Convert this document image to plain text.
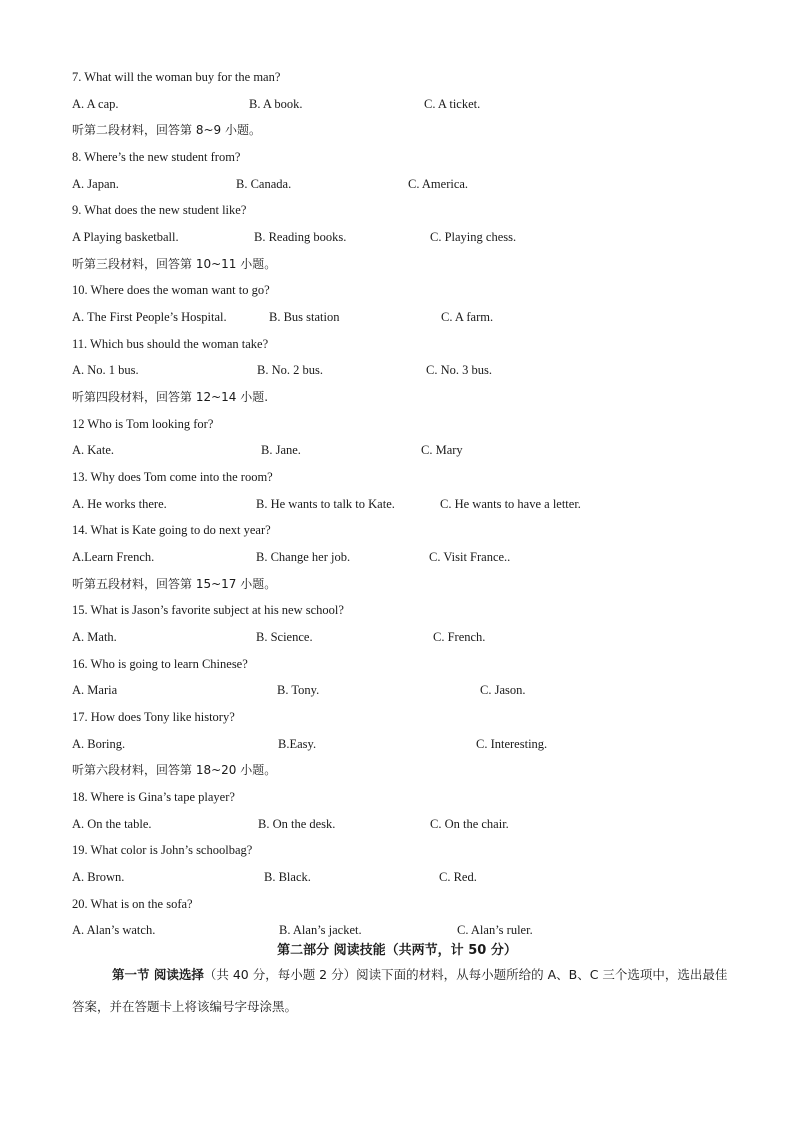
7. What will the woman buy for the man?
A. A cap.	B. A book.	C. A ticket.
听第二段材料，回答第 8~9 小题。
8. Where’s the new student from?
A. Japan.	B. Canada.	C. America.
9. What does the new student like?
A Playing basketball.	B. Reading books.	C. Playing chess.
听第三段材料，回答第 10~11 小题。
10. Where does the woman want to go?
A. The First People’s Hospital.	B. Bus station	C. A farm.
11. Which bus should the woman take?
A. No. 1 bus.	B. No. 2 bus.	C. No. 3 bus.
听第四段材料，回答第 12~14 小题.
12 Who is Tom looking for?
A. Kate.	B. Jane.	C. Mary
13. Why does Tom come into the room?
A. He works there.	B. He wants to talk to Kate.	C. He wants to have a letter.
14. What is Kate going to do next year?
A.Learn French.	B. Change her job.	C. Visit France..
听第五段材料，回答第 15~17 小题。
15. What is Jason’s favorite subject at his new school?
A. Math.	B. Science.	C. French.
16. Who is going to learn Chinese?
A. Maria	B. Tony.	C. Jason.
17. How does Tony like history?
A. Boring.	B.Easy.	C. Interesting.
听第六段材料，回答第 18~20 小题。
18. Where is Gina’s tape player?
A. On the table.	B. On the desk.	C. On the chair.
19. What color is John’s schoolbag?
A. Brown.	B. Black.	C. Red.
20. What is on the sofa?
A. Alan’s watch.	B. Alan’s jacket.	C. Alan’s ruler.
第二部分 阅读技能（共两节，计 50 分）
第一节 阅读选择（共 40 分，每小题 2 分）阅读下面的材料，从每小题所给的 A、B、C 三个选项中，选出最佳答案，并在答题卡上将该编号字母涂黑。
